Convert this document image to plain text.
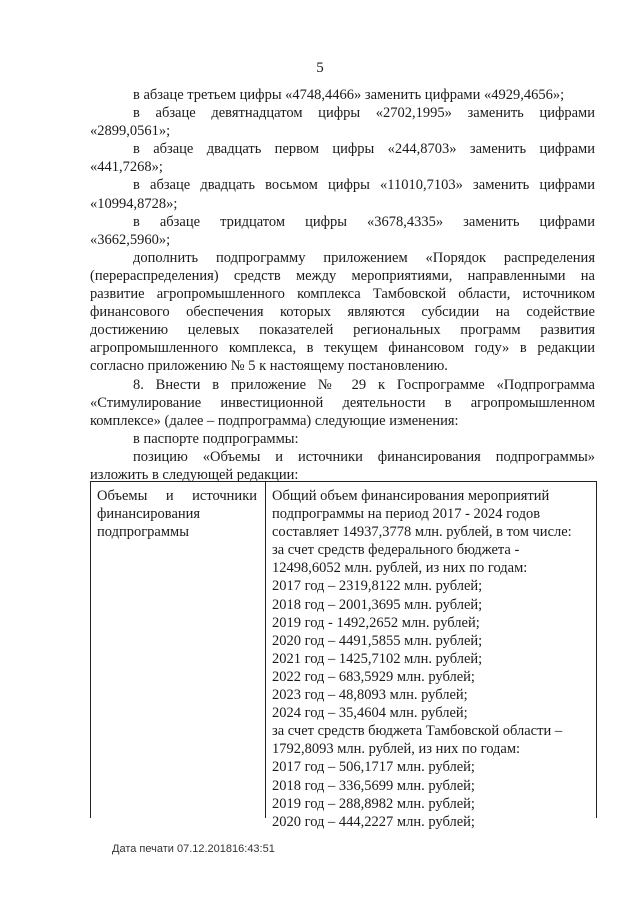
5

в абзаце третьем цифры «4748,4466» заменить цифрами «4929,4656»;

в абзаце девятнадцатом цифры «2702,1995» заменить цифрами

«2899,0561»;

в абзаце двадцать первом цифры «244,8703» заменить цифрами

«441,7268»;

в абзаце двадцать восьмом цифры «11010,7103» заменить цифрами

«10994,8728»;

в абзаце тридцатом цифры «3678,4335» заменить цифрами

«3662,5960»;

дополнить подпрограмму приложением «Порядок распределения (перераспределения) средств между мероприятиями, направленными на развитие агропромышленного комплекса Тамбовской области, источником финансового обеспечения которых являются субсидии на содействие достижению целевых показателей региональных программ развития агропромышленного комплекса, в текущем финансовом году» в редакции согласно приложению № 5 к настоящему постановлению.

8. Внести в приложение № 29 к Госпрограмме «Подпрограмма «Стимулирование инвестиционной деятельности в агропромышленном комплексе» (далее – подпрограмма) следующие изменения:

в паспорте подпрограммы:

позицию «Объемы и источники финансирования подпрограммы» изложить в следующей редакции:

Объемы и источники
финансирования
подпрограммы
Общий объем финансирования мероприятий
подпрограммы на период 2017 - 2024 годов
составляет 14937,3778 млн. рублей, в том числе:
за счет средств федерального бюджета -
12498,6052 млн. рублей, из них по годам:
2017 год – 2319,8122 млн. рублей;
2018 год – 2001,3695 млн. рублей;
2019 год - 1492,2652 млн. рублей;
2020 год – 4491,5855 млн. рублей;
2021 год – 1425,7102 млн. рублей;
2022 год – 683,5929 млн. рублей;
2023 год – 48,8093 млн. рублей;
2024 год – 35,4604 млн. рублей;
за счет средств бюджета Тамбовской области –
1792,8093 млн. рублей, из них по годам:
2017 год – 506,1717 млн. рублей;
2018 год – 336,5699 млн. рублей;
2019 год – 288,8982 млн. рублей;
2020 год – 444,2227 млн. рублей;
Дата печати 07.12.201816:43:51
